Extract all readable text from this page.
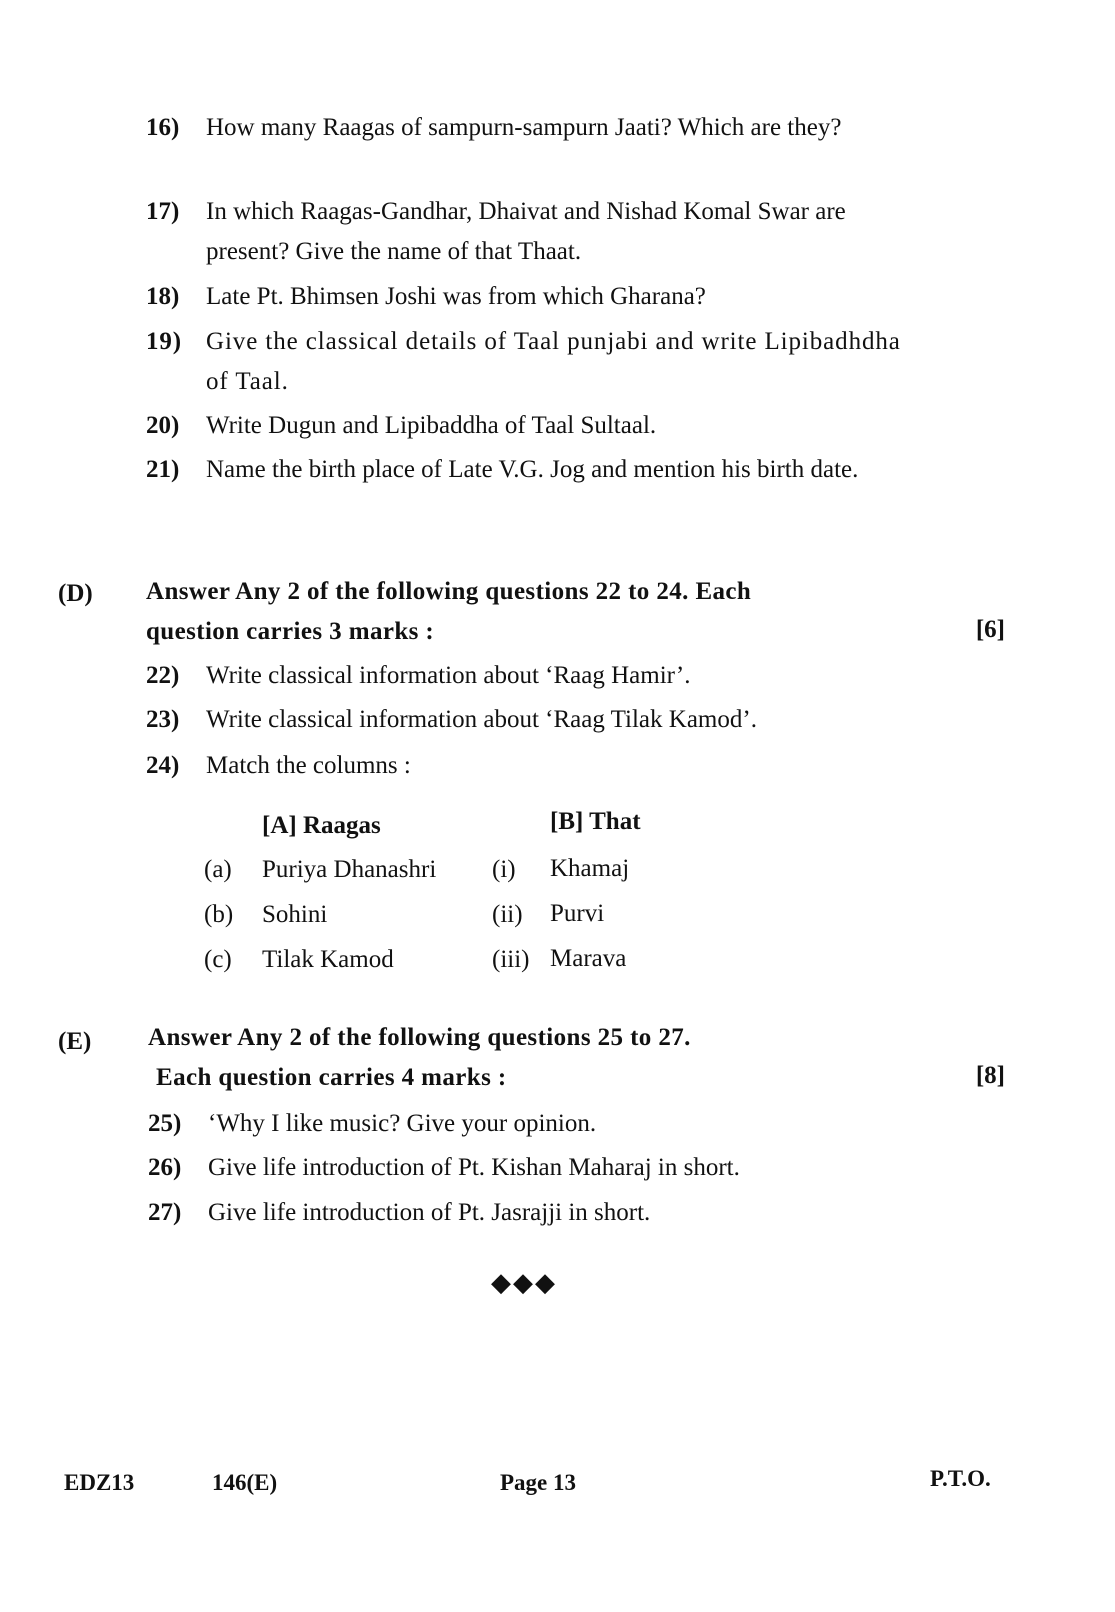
16) How many Raagas of sampurn-sampurn Jaati? Which are they?
17) In which Raagas-Gandhar, Dhaivat and Nishad Komal Swar are present? Give the name of that Thaat.
18) Late Pt. Bhimsen Joshi was from which Gharana?
19) Give the classical details of Taal punjabi and write Lipibadhdha of Taal.
20) Write Dugun and Lipibaddha of Taal Sultaal.
21) Name the birth place of Late V.G. Jog and mention his birth date.
(D) Answer Any 2 of the following questions 22 to 24. Each
question carries 3 marks :	[6]
22) Write classical information about ‘Raag Hamir’.
23) Write classical information about ‘Raag Tilak Kamod’.
24) Match the columns :
[A] Raagas	[B] That
(a) Puriya Dhanashri (i) Khamaj
(b) Sohini	(ii) Purvi
(c) Tilak Kamod	(iii) Marava
(E) Answer Any 2 of the following questions 25 to 27.
Each question carries 4 marks :	[8]
25) ‘Why I like music? Give your opinion.
26) Give life introduction of Pt. Kishan Maharaj in short.
27) Give life introduction of Pt. Jasrajji in short.
◆◆◆
EDZ13	146(E)	Page 13	P.T.O.
